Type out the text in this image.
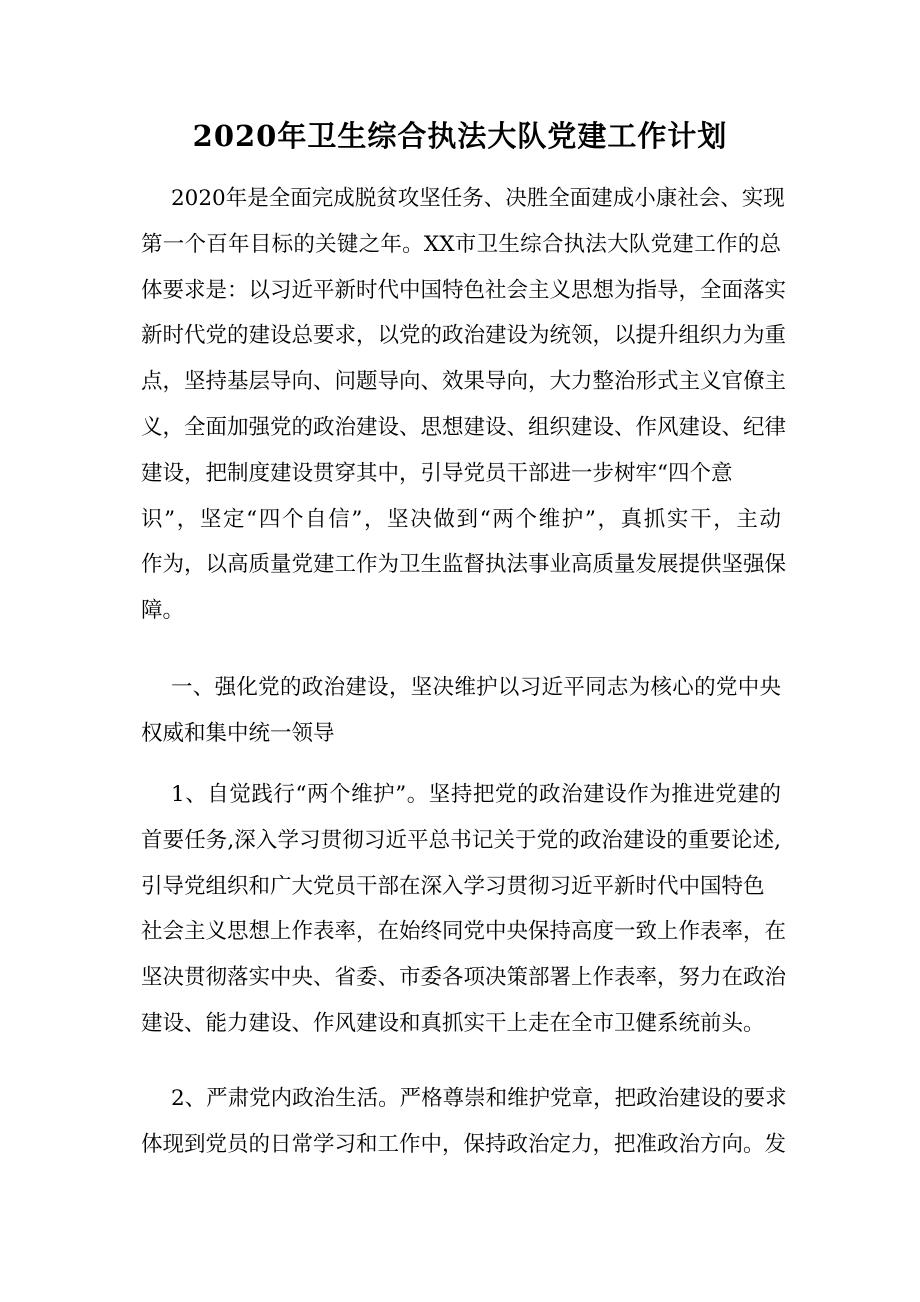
2020年卫生综合执法大队党建工作计划
2020年是全面完成脱贫攻坚任务、决胜全面建成小康社会、实现
第一个百年目标的关键之年。XX市卫生综合执法大队党建工作的总
体要求是：以习近平新时代中国特色社会主义思想为指导，全面落实
新时代党的建设总要求，以党的政治建设为统领，以提升组织力为重
点，坚持基层导向、问题导向、效果导向，大力整治形式主义官僚主
义，全面加强党的政治建设、思想建设、组织建设、作风建设、纪律
建设，把制度建设贯穿其中，引导党员干部进一步树牢“四个意
识”，坚定“四个自信”，坚决做到“两个维护”，真抓实干，主动
作为，以高质量党建工作为卫生监督执法事业高质量发展提供坚强保
障。
一、强化党的政治建设，坚决维护以习近平同志为核心的党中央
权威和集中统一领导
1、自觉践行“两个维护”。坚持把党的政治建设作为推进党建的
首要任务,深入学习贯彻习近平总书记关于党的政治建设的重要论述,
引导党组织和广大党员干部在深入学习贯彻习近平新时代中国特色
社会主义思想上作表率，在始终同党中央保持高度一致上作表率，在
坚决贯彻落实中央、省委、市委各项决策部署上作表率，努力在政治
建设、能力建设、作风建设和真抓实干上走在全市卫健系统前头。
2、严肃党内政治生活。严格尊崇和维护党章，把政治建设的要求
体现到党员的日常学习和工作中，保持政治定力，把准政治方向。发
